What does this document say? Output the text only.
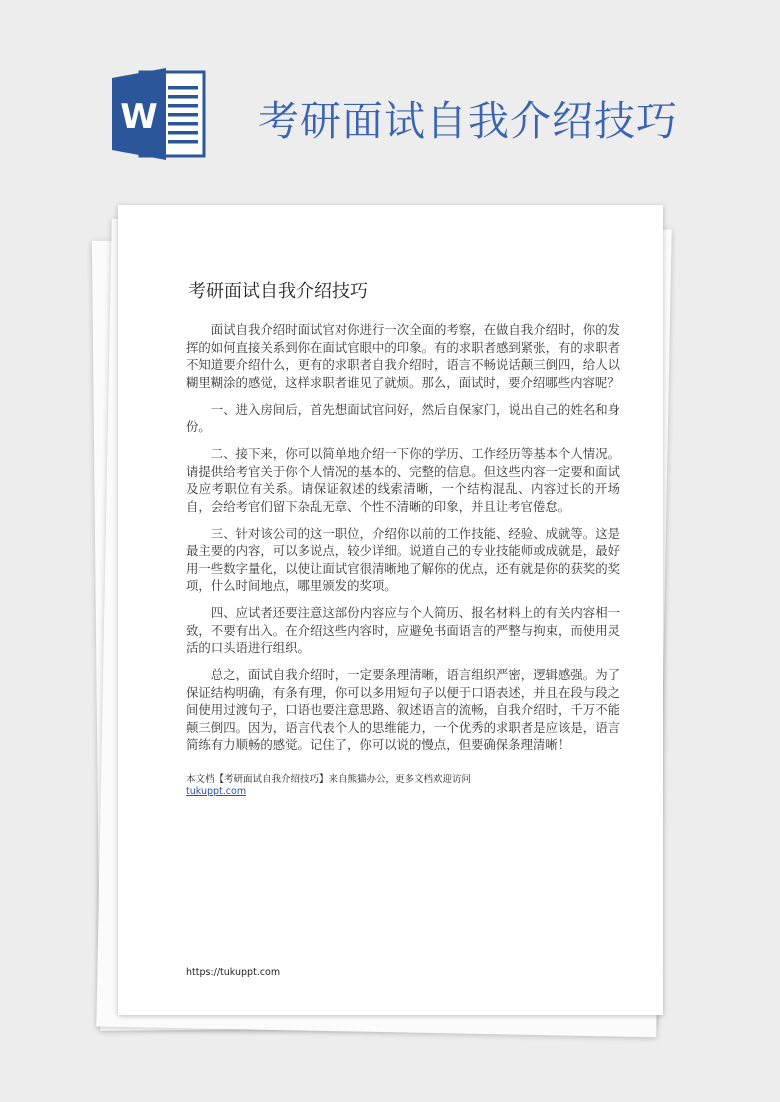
W 考研面试自我介绍技巧
考研面试自我介绍技巧

面试自我介绍时面试官对你进行一次全面的考察，在做自我介绍时，你的发挥的如何直接关系到你在面试官眼中的印象。有的求职者感到紧张，有的求职者不知道要介绍什么，更有的求职者自我介绍时，语言不畅说话颠三倒四，给人以糊里糊涂的感觉，这样求职者谁见了就烦。那么，面试时，要介绍哪些内容呢？

一、进入房间后，首先想面试官问好，然后自保家门，说出自己的姓名和身份。

二、接下来，你可以简单地介绍一下你的学历、工作经历等基本个人情况。请提供给考官关于你个人情况的基本的、完整的信息。但这些内容一定要和面试及应考职位有关系。请保证叙述的线索清晰，一个结构混乱、内容过长的开场自，会给考官们留下杂乱无章、个性不清晰的印象，并且让考官倦怠。

三、针对该公司的这一职位，介绍你以前的工作技能、经验、成就等。这是最主要的内容，可以多说点，较少详细。说道自己的专业技能师或成就是，最好用一些数字量化，以使让面试官很清晰地了解你的优点，还有就是你的获奖的奖项，什么时间地点，哪里颁发的奖项。

四、应试者还要注意这部份内容应与个人简历、报名材料上的有关内容相一致，不要有出入。在介绍这些内容时，应避免书面语言的严整与拘束，而使用灵活的口头语进行组织。

总之，面试自我介绍时，一定要条理清晰，语言组织严密，逻辑感强。为了保证结构明确，有条有理，你可以多用短句子以便于口语表述，并且在段与段之间使用过渡句子，口语也要注意思路、叙述语言的流畅，自我介绍时，千万不能颠三倒四。因为，语言代表个人的思维能力，一个优秀的求职者是应该是，语言简练有力顺畅的感觉。记住了，你可以说的慢点，但要确保条理清晰！

本文档【考研面试自我介绍技巧】来自熊猫办公，更多文档欢迎访问
tukuppt.com
https://tukuppt.com
